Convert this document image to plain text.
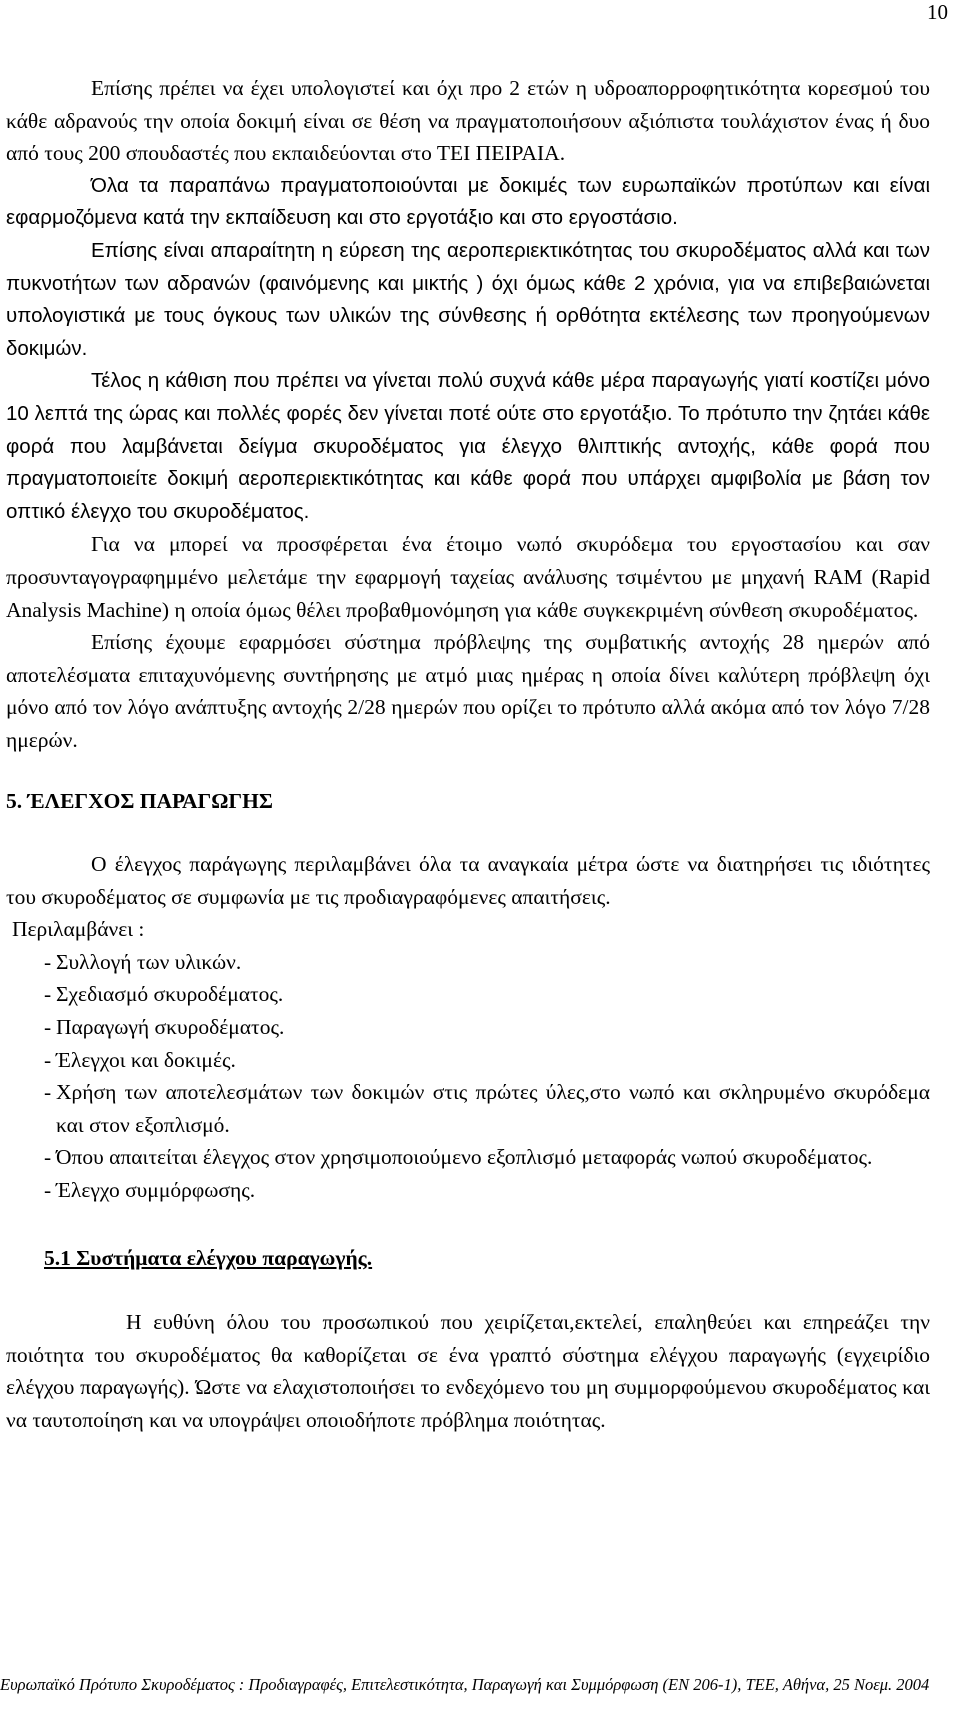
10

Επίσης πρέπει να έχει υπολογιστεί και όχι προ 2 ετών η υδροαπορροφητικότητα κορεσμού του κάθε αδρανούς την οποία δοκιμή είναι σε θέση να πραγματοποιήσουν αξιόπιστα τουλάχιστον ένας ή δυο από τους 200 σπουδαστές που εκπαιδεύονται στο ΤΕΙ ΠΕΙΡΑΙΑ.

Όλα τα παραπάνω πραγματοποιούνται με δοκιμές των ευρωπαϊκών προτύπων και είναι εφαρμοζόμενα κατά την εκπαίδευση και στο εργοτάξιο και στο εργοστάσιο.

Επίσης είναι απαραίτητη η εύρεση της αεροπεριεκτικότητας του σκυροδέματος αλλά και των πυκνοτήτων των αδρανών (φαινόμενης και μικτής ) όχι όμως κάθε 2 χρόνια, για να επιβεβαιώνεται υπολογιστικά με τους όγκους των υλικών της σύνθεσης ή ορθότητα εκτέλεσης των προηγούμενων δοκιμών.

Τέλος η κάθιση που πρέπει να γίνεται πολύ συχνά κάθε μέρα παραγωγής γιατί κοστίζει μόνο 10 λεπτά της ώρας και πολλές φορές δεν γίνεται ποτέ ούτε στο εργοτάξιο. Το πρότυπο την ζητάει κάθε φορά που λαμβάνεται δείγμα σκυροδέματος για έλεγχο θλιπτικής αντοχής, κάθε φορά που πραγματοποιείτε δοκιμή αεροπεριεκτικότητας και κάθε φορά που υπάρχει αμφιβολία με βάση τον οπτικό έλεγχο του σκυροδέματος.

Για να μπορεί να προσφέρεται ένα έτοιμο νωπό σκυρόδεμα του εργοστασίου και σαν προσυνταγογραφημμένο μελετάμε την εφαρμογή ταχείας ανάλυσης τσιμέντου με μηχανή RAM (Rapid Analysis Machine) η οποία όμως θέλει προβαθμονόμηση για κάθε συγκεκριμένη σύνθεση σκυροδέματος.

Επίσης έχουμε εφαρμόσει σύστημα πρόβλεψης της συμβατικής αντοχής 28 ημερών από αποτελέσματα επιταχυνόμενης συντήρησης με ατμό μιας ημέρας η οποία δίνει καλύτερη πρόβλεψη όχι μόνο από τον λόγο ανάπτυξης αντοχής 2/28 ημερών που ορίζει το πρότυπο αλλά ακόμα από τον λόγο 7/28 ημερών.

5. ΈΛΕΓΧΟΣ ΠΑΡΑΓΩΓΗΣ

Ο έλεγχος παράγωγης περιλαμβάνει όλα τα αναγκαία μέτρα ώστε να διατηρήσει τις ιδιότητες του σκυροδέματος σε συμφωνία με τις προδιαγραφόμενες απαιτήσεις.

Περιλαμβάνει :

- Συλλογή των υλικών.
- Σχεδιασμό σκυροδέματος.
- Παραγωγή σκυροδέματος.
- Έλεγχοι και δοκιμές.
- Χρήση των αποτελεσμάτων των δοκιμών στις πρώτες ύλες,στο νωπό και σκληρυμένο σκυρόδεμα και στον εξοπλισμό.
- Όπου απαιτείται έλεγχος στον χρησιμοποιούμενο εξοπλισμό μεταφοράς νωπού σκυροδέματος.
- Έλεγχο συμμόρφωσης.

5.1 Συστήματα ελέγχου παραγωγής.

Η ευθύνη όλου του προσωπικού που χειρίζεται,εκτελεί, επαληθεύει και επηρεάζει την ποιότητα του σκυροδέματος θα καθορίζεται σε ένα γραπτό σύστημα ελέγχου παραγωγής (εγχειρίδιο ελέγχου παραγωγής). Ώστε να ελαχιστοποιήσει το ενδεχόμενο του μη συμμορφούμενου σκυροδέματος και να ταυτοποίηση και να υπογράψει οποιοδήποτε πρόβλημα ποιότητας.

Ευρωπαϊκό Πρότυπο Σκυροδέματος : Προδιαγραφές, Επιτελεστικότητα, Παραγωγή και Συμμόρφωση (ΕΝ 206-1), ΤΕΕ, Αθήνα, 25 Νοεμ. 2004
